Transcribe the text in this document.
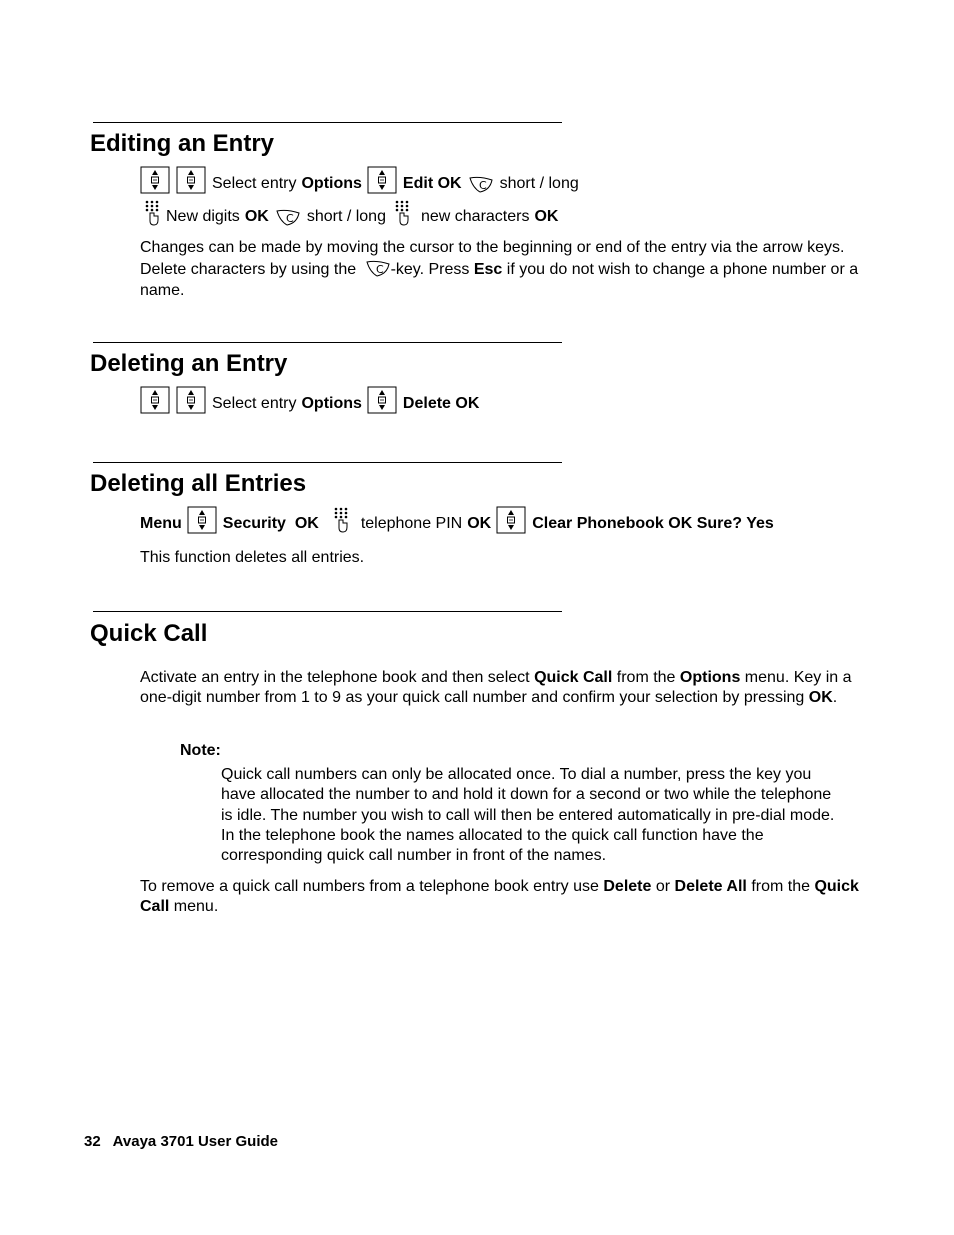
Editing an Entry
Select entry Options	Edit OK C short / long
New digits OK C short / long new characters OK
Changes can be made by moving the cursor to the beginning or end of the entry via the arrow keys. Delete characters by using the C -key. Press Esc if you do not wish to change a phone number or a name.
Deleting an Entry
Select entry Options	Delete OK
Deleting all Entries
Menu	Security  OK	telephone PIN OK	Clear Phonebook OK Sure? Yes
This function deletes all entries.
Quick Call
Activate an entry in the telephone book and then select Quick Call from the Options menu. Key in a one-digit number from 1 to 9 as your quick call number and confirm your selection by pressing OK.
Note:
Quick call numbers can only be allocated once. To dial a number, press the key you have allocated the number to and hold it down for a second or two while the telephone is idle. The number you wish to call will then be entered automatically in pre-dial mode. In the telephone book the names allocated to the quick call function have the corresponding quick call number in front of the names.
To remove a quick call numbers from a telephone book entry use Delete or Delete All from the Quick Call menu.
32   Avaya 3701 User Guide
